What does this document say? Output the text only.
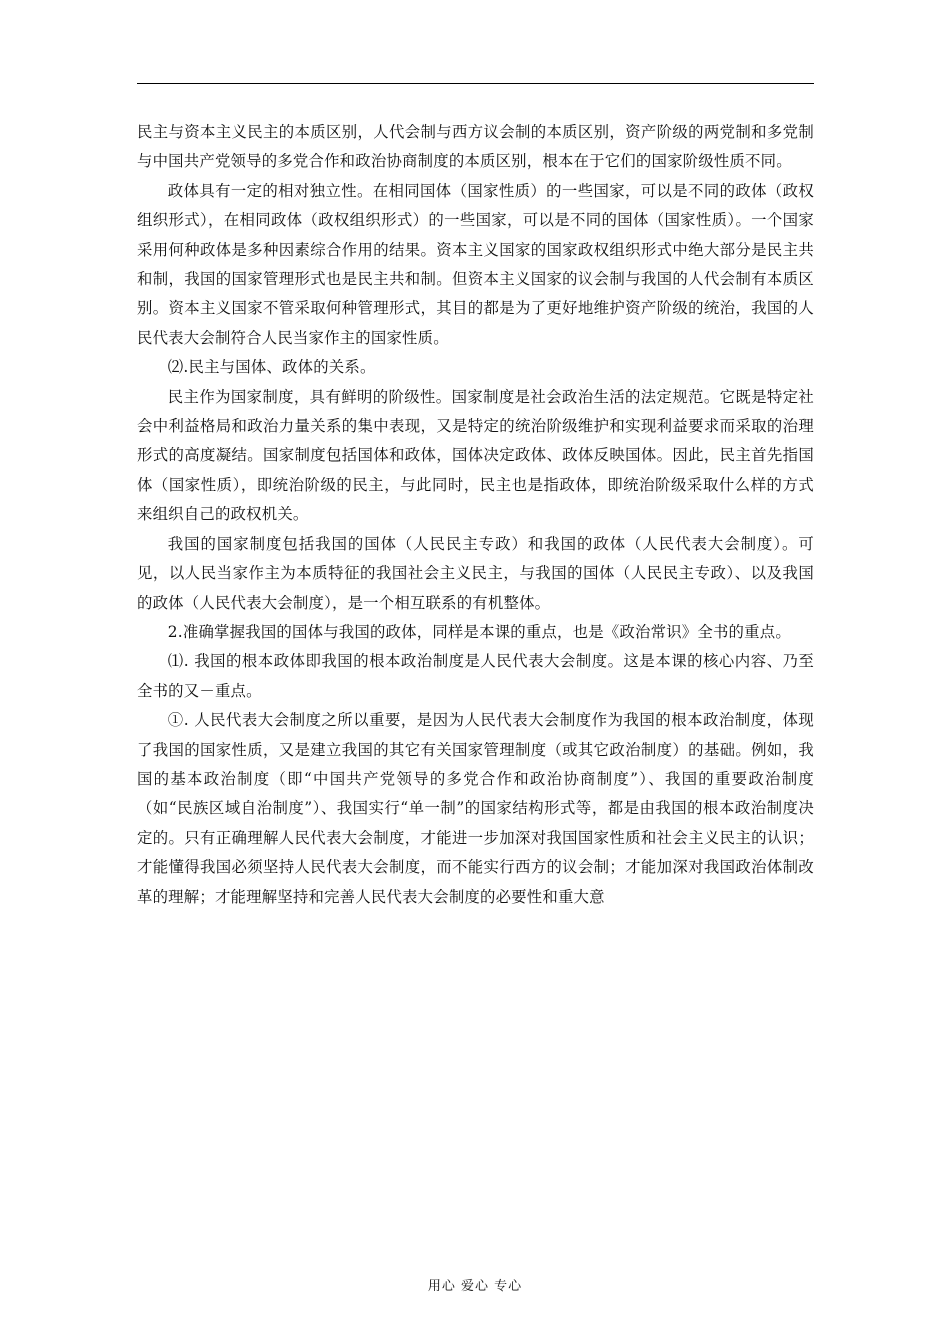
民主与资本主义民主的本质区别，人代会制与西方议会制的本质区别，资产阶级的两党制和多党制与中国共产党领导的多党合作和政治协商制度的本质区别，根本在于它们的国家阶级性质不同。

政体具有一定的相对独立性。在相同国体（国家性质）的一些国家，可以是不同的政体（政权组织形式），在相同政体（政权组织形式）的一些国家，可以是不同的国体（国家性质）。一个国家采用何种政体是多种因素综合作用的结果。资本主义国家的国家政权组织形式中绝大部分是民主共和制，我国的国家管理形式也是民主共和制。但资本主义国家的议会制与我国的人代会制有本质区别。资本主义国家不管采取何种管理形式，其目的都是为了更好地维护资产阶级的统治，我国的人民代表大会制符合人民当家作主的国家性质。

⑵.民主与国体、政体的关系。

民主作为国家制度，具有鲜明的阶级性。国家制度是社会政治生活的法定规范。它既是特定社会中利益格局和政治力量关系的集中表现，又是特定的统治阶级维护和实现利益要求而采取的治理形式的高度凝结。国家制度包括国体和政体，国体决定政体、政体反映国体。因此，民主首先指国体（国家性质），即统治阶级的民主，与此同时，民主也是指政体，即统治阶级采取什么样的方式来组织自己的政权机关。

我国的国家制度包括我国的国体（人民民主专政）和我国的政体（人民代表大会制度）。可见，以人民当家作主为本质特征的我国社会主义民主，与我国的国体（人民民主专政）、以及我国的政体（人民代表大会制度），是一个相互联系的有机整体。

2.准确掌握我国的国体与我国的政体，同样是本课的重点，也是《政治常识》全书的重点。

⑴. 我国的根本政体即我国的根本政治制度是人民代表大会制度。这是本课的核心内容、乃至全书的又－重点。

①. 人民代表大会制度之所以重要，是因为人民代表大会制度作为我国的根本政治制度，体现了我国的国家性质，又是建立我国的其它有关国家管理制度（或其它政治制度）的基础。例如，我国的基本政治制度（即“中国共产党领导的多党合作和政治协商制度”）、我国的重要政治制度（如“民族区域自治制度”）、我国实行“单一制”的国家结构形式等，都是由我国的根本政治制度决定的。只有正确理解人民代表大会制度，才能进一步加深对我国国家性质和社会主义民主的认识；才能懂得我国必须坚持人民代表大会制度，而不能实行西方的议会制；才能加深对我国政治体制改革的理解；才能理解坚持和完善人民代表大会制度的必要性和重大意

用心 爱心 专心
